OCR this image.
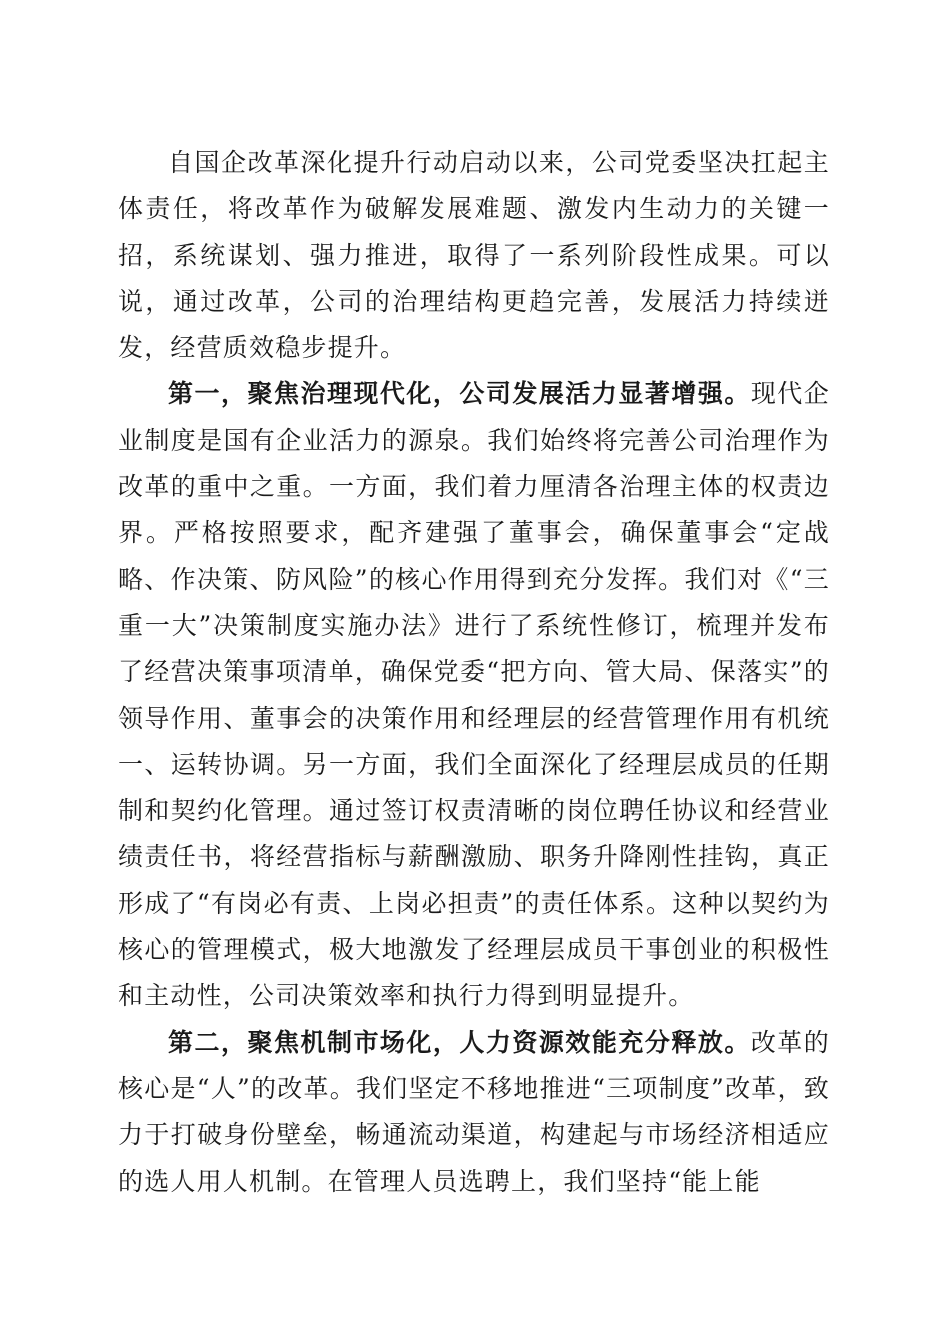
自国企改革深化提升行动启动以来，公司党委坚决扛起主体责任，将改革作为破解发展难题、激发内生动力的关键一招，系统谋划、强力推进，取得了一系列阶段性成果。可以说，通过改革，公司的治理结构更趋完善，发展活力持续迸发，经营质效稳步提升。

第一，聚焦治理现代化，公司发展活力显著增强。现代企业制度是国有企业活力的源泉。我们始终将完善公司治理作为改革的重中之重。一方面，我们着力厘清各治理主体的权责边界。严格按照要求，配齐建强了董事会，确保董事会“定战略、作决策、防风险”的核心作用得到充分发挥。我们对《“三重一大”决策制度实施办法》进行了系统性修订，梳理并发布了经营决策事项清单，确保党委“把方向、管大局、保落实”的领导作用、董事会的决策作用和经理层的经营管理作用有机统一、运转协调。另一方面，我们全面深化了经理层成员的任期制和契约化管理。通过签订权责清晰的岗位聘任协议和经营业绩责任书，将经营指标与薪酬激励、职务升降刚性挂钩，真正形成了“有岗必有责、上岗必担责”的责任体系。这种以契约为核心的管理模式，极大地激发了经理层成员干事创业的积极性和主动性，公司决策效率和执行力得到明显提升。

第二，聚焦机制市场化，人力资源效能充分释放。改革的核心是“人”的改革。我们坚定不移地推进“三项制度”改革，致力于打破身份壁垒，畅通流动渠道，构建起与市场经济相适应的选人用人机制。在管理人员选聘上，我们坚持“能上能
